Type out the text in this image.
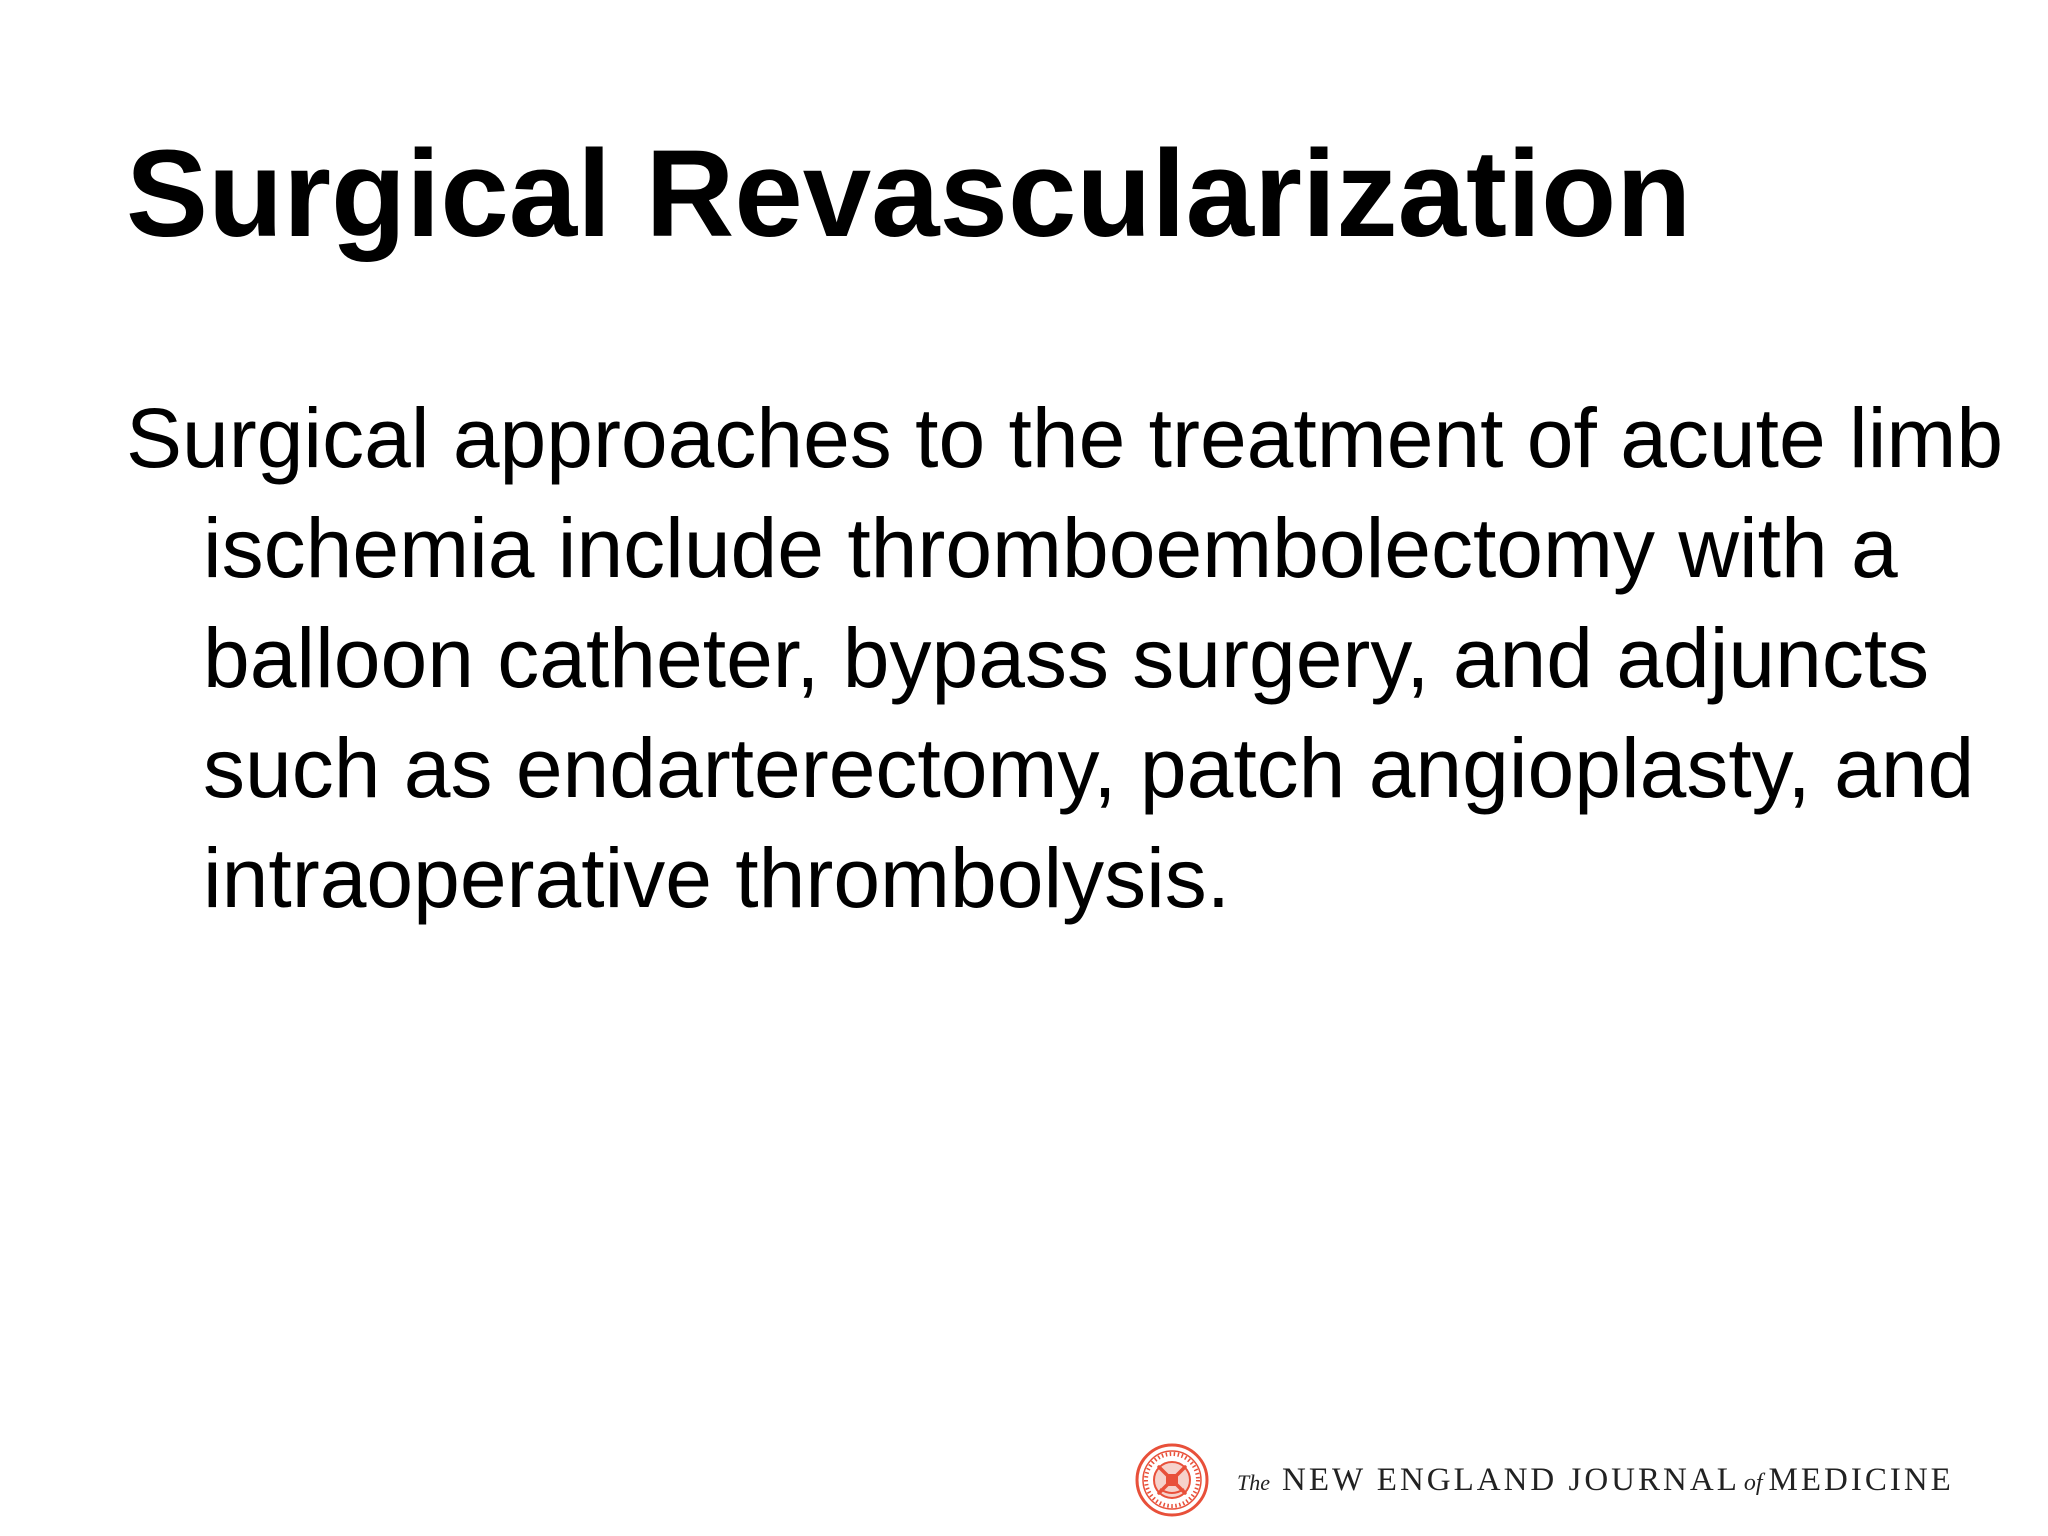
Surgical Revascularization

Surgical approaches to the treatment of acute limb ischemia include thromboembolectomy with a balloon catheter, bypass surgery, and adjuncts such as endarterectomy, patch angioplasty, and intraoperative thrombolysis.

The NEW ENGLAND JOURNAL of MEDICINE
